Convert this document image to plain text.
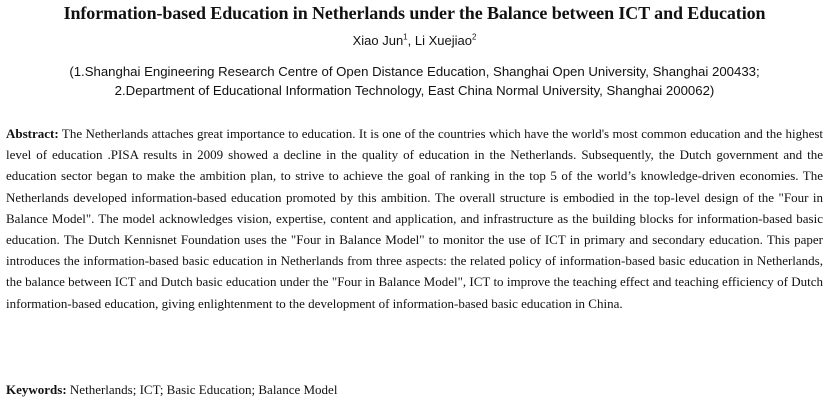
Information-based Education in Netherlands under the Balance between ICT and Education
Xiao Jun$^1$, Li Xuejiao$^2$
(1.Shanghai Engineering Research Centre of Open Distance Education, Shanghai Open University, Shanghai 200433;
2.Department of Educational Information Technology, East China Normal University, Shanghai 200062)
Abstract: The Netherlands attaches great importance to education. It is one of the countries which have the world's most common education and the highest level of education .PISA results in 2009 showed a decline in the quality of education in the Netherlands. Subsequently, the Dutch government and the education sector began to make the ambition plan, to strive to achieve the goal of ranking in the top 5 of the world’s knowledge-driven economies. The Netherlands developed information-based education promoted by this ambition. The overall structure is embodied in the top-level design of the "Four in Balance Model". The model acknowledges vision, expertise, content and application, and infrastructure as the building blocks for information-based basic education. The Dutch Kennisnet Foundation uses the "Four in Balance Model" to monitor the use of ICT in primary and secondary education. This paper introduces the information-based basic education in Netherlands from three aspects: the related policy of information-based basic education in Netherlands, the balance between ICT and Dutch basic education under the "Four in Balance Model", ICT to improve the teaching effect and teaching efficiency of Dutch information-based education, giving enlightenment to the development of information-based basic education in China.
Keywords: Netherlands; ICT; Basic Education; Balance Model
